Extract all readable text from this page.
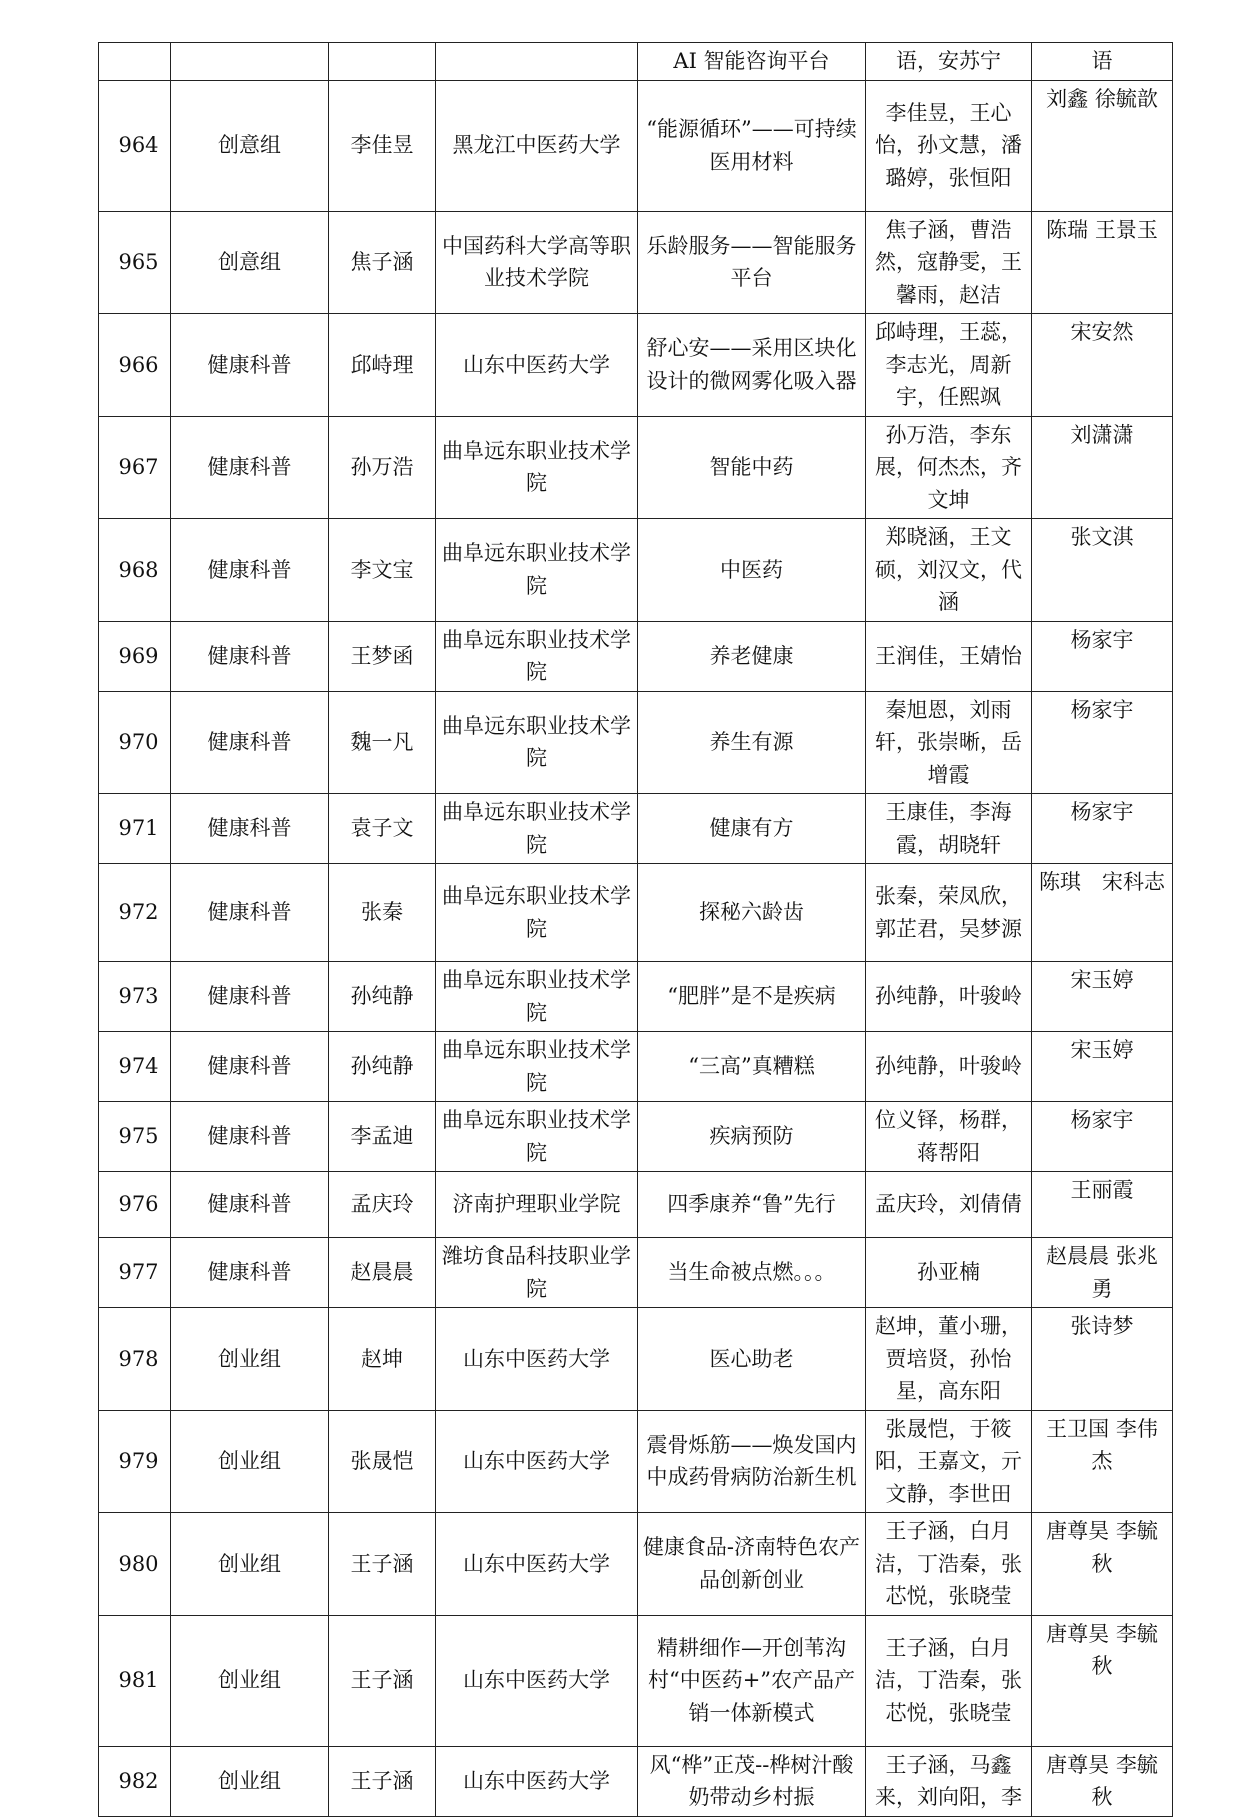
				AI 智能咨询平台	语，安苏宁	语
964	创意组	李佳昱	黑龙江中医药大学	“能源循环”——可持续医用材料	李佳昱，王心怡，孙文慧，潘璐婷，张恒阳	刘鑫 徐毓歆
965	创意组	焦子涵	中国药科大学高等职业技术学院	乐龄服务——智能服务平台	焦子涵，曹浩然，寇静雯，王馨雨，赵洁	陈瑞 王景玉
966	健康科普	邱峙理	山东中医药大学	舒心安——采用区块化设计的微网雾化吸入器	邱峙理，王蕊，李志光，周新宇，任熙飒	宋安然
967	健康科普	孙万浩	曲阜远东职业技术学院	智能中药	孙万浩，李东展，何杰杰，齐文坤	刘潇潇
968	健康科普	李文宝	曲阜远东职业技术学院	中医药	郑晓涵，王文硕，刘汉文，代涵	张文淇
969	健康科普	王梦函	曲阜远东职业技术学院	养老健康	王润佳，王婧怡	杨家宇
970	健康科普	魏一凡	曲阜远东职业技术学院	养生有源	秦旭恩，刘雨轩，张崇晰，岳增霞	杨家宇
971	健康科普	袁子文	曲阜远东职业技术学院	健康有方	王康佳，李海霞，胡晓轩	杨家宇
972	健康科普	张秦	曲阜远东职业技术学院	探秘六龄齿	张秦，荣凤欣，郭芷君，吴梦源	陈琪　宋科志
973	健康科普	孙纯静	曲阜远东职业技术学院	“肥胖”是不是疾病	孙纯静，叶骏岭	宋玉婷
974	健康科普	孙纯静	曲阜远东职业技术学院	“三高”真糟糕	孙纯静，叶骏岭	宋玉婷
975	健康科普	李孟迪	曲阜远东职业技术学院	疾病预防	位义铎，杨群，蒋帮阳	杨家宇
976	健康科普	孟庆玲	济南护理职业学院	四季康养“鲁”先行	孟庆玲，刘倩倩	王丽霞
977	健康科普	赵晨晨	潍坊食品科技职业学院	当生命被点燃。。。	孙亚楠	赵晨晨 张兆勇
978	创业组	赵坤	山东中医药大学	医心助老	赵坤，董小珊，贾培贤，孙怡星，高东阳	张诗梦
979	创业组	张晟恺	山东中医药大学	震骨烁筋——焕发国内中成药骨病防治新生机	张晟恺，于筱阳，王嘉文，亓文静，李世田	王卫国 李伟杰
980	创业组	王子涵	山东中医药大学	健康食品-济南特色农产品创新创业	王子涵，白月洁，丁浩秦，张芯悦，张晓莹	唐尊昊 李毓秋
981	创业组	王子涵	山东中医药大学	精耕细作—开创苇沟村“中医药+”农产品产销一体新模式	王子涵，白月洁，丁浩秦，张芯悦，张晓莹	唐尊昊 李毓秋
982	创业组	王子涵	山东中医药大学	风“桦”正茂--桦树汁酸奶带动乡村振	王子涵，马鑫来，刘向阳，李	唐尊昊 李毓秋
